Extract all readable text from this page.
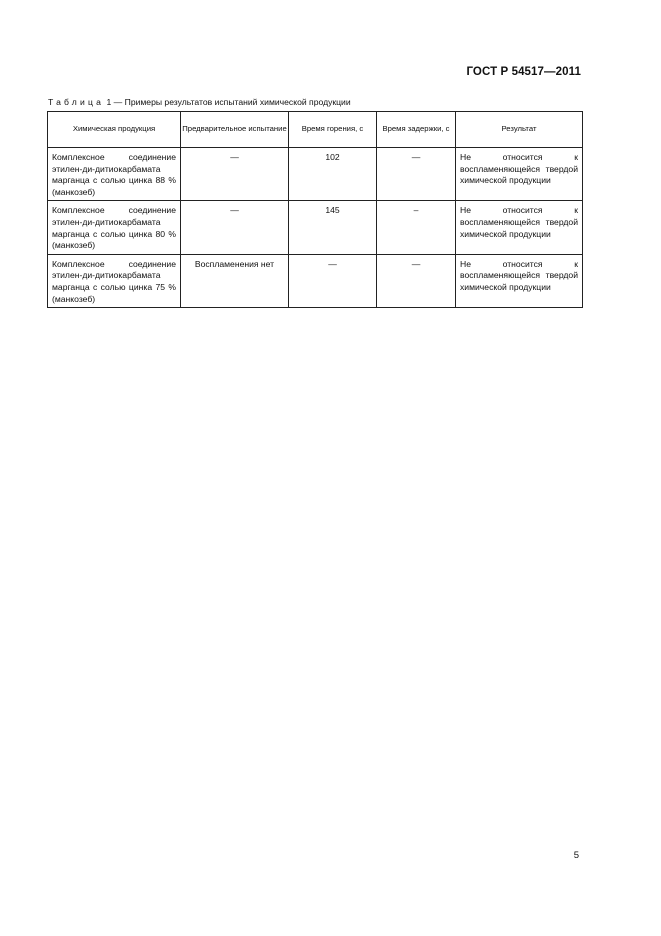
ГОСТ Р 54517—2011
Таблица 1 — Примеры результатов испытаний химической продукции
Химическая продукция	Предварительное испытание	Время горения, с	Время задержки, с	Результат
Комплексное соединение этилен-ди-дитиокарбамата марганца с солью цинка 88 % (манкозеб)	—	102	—	Не относится к воспламеняющейся твердой химической продукции
Комплексное соединение этилен-ди-дитиокарбамата марганца с солью цинка 80 % (манкозеб)	—	145	–	Не относится к воспламеняющейся твердой химической продукции
Комплексное соединение этилен-ди-дитиокарбамата марганца с солью цинка 75 % (манкозеб)	Воспламенения нет	—	—	Не относится к воспламеняющейся твердой химической продукции
5
